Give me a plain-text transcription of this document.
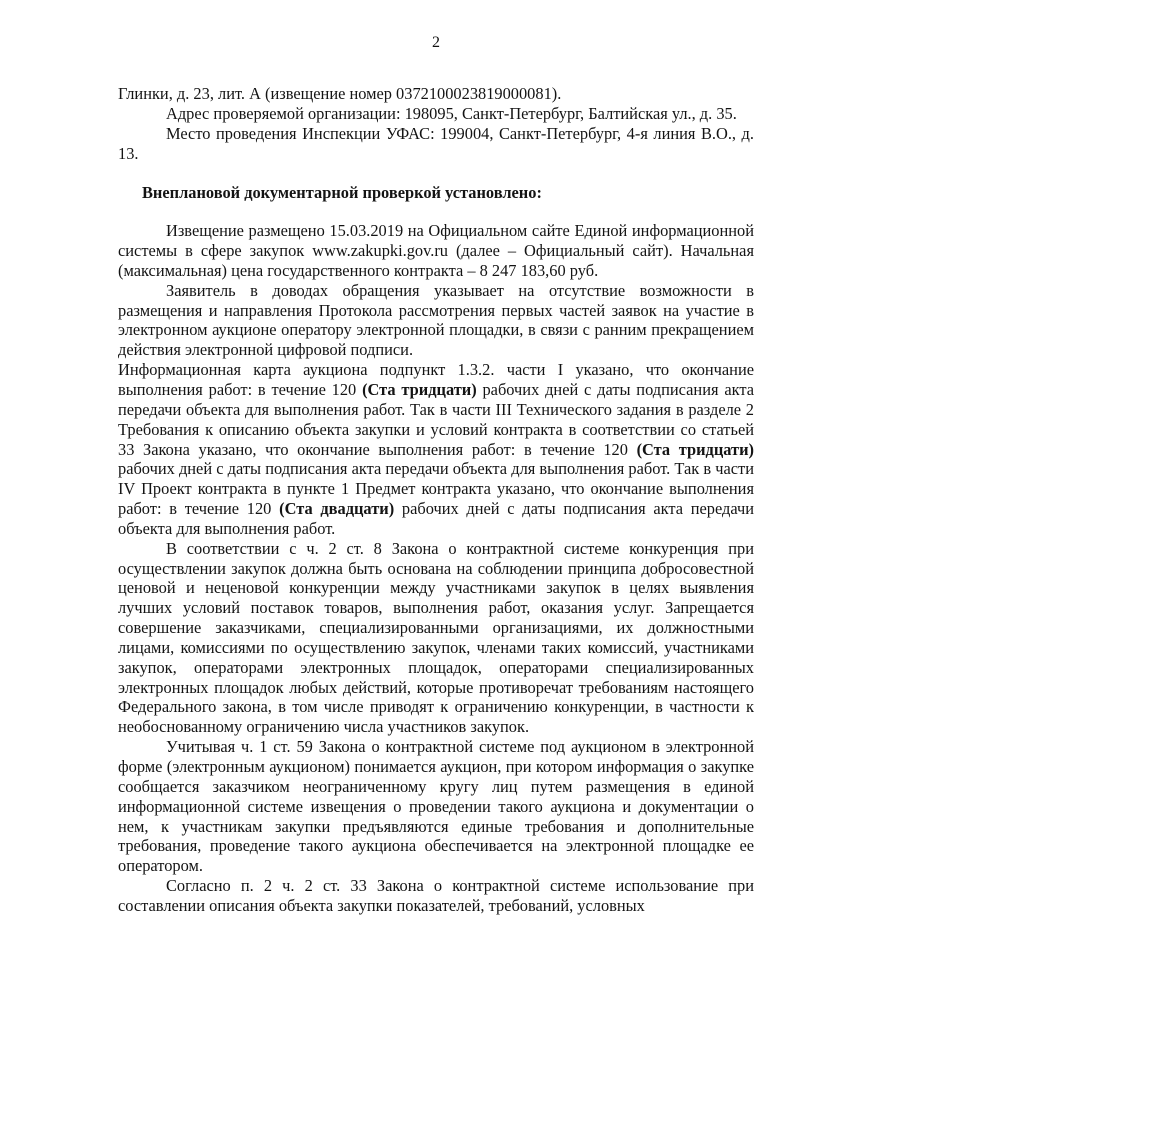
2

Глинки, д. 23, лит. А (извещение номер 0372100023819000081).

Адрес проверяемой организации: 198095, Санкт-Петербург, Балтийская ул., д. 35.

Место проведения Инспекции УФАС: 199004, Санкт-Петербург, 4-я линия В.О., д. 13.

Внеплановой документарной проверкой установлено:

Извещение размещено 15.03.2019 на Официальном сайте Единой информационной системы в сфере закупок www.zakupki.gov.ru (далее – Официальный сайт). Начальная (максимальная) цена государственного контракта – 8 247 183,60 руб.

Заявитель в доводах обращения указывает на отсутствие возможности в размещения и направления Протокола рассмотрения первых частей заявок на участие в электронном аукционе оператору электронной площадки, в связи с ранним прекращением действия электронной цифровой подписи.

Информационная карта аукциона подпункт 1.3.2. части I указано, что окончание выполнения работ: в течение 120 (Ста тридцати) рабочих дней с даты подписания акта передачи объекта для выполнения работ. Так в части III Технического задания в разделе 2 Требования к описанию объекта закупки и условий контракта в соответствии со статьей 33 Закона указано, что окончание выполнения работ: в течение 120 (Ста тридцати) рабочих дней с даты подписания акта передачи объекта для выполнения работ. Так в части IV Проект контракта в пункте 1 Предмет контракта указано, что окончание выполнения работ: в течение 120 (Ста двадцати) рабочих дней с даты подписания акта передачи объекта для выполнения работ.

В соответствии с ч. 2 ст. 8 Закона о контрактной системе конкуренция при осуществлении закупок должна быть основана на соблюдении принципа добросовестной ценовой и неценовой конкуренции между участниками закупок в целях выявления лучших условий поставок товаров, выполнения работ, оказания услуг. Запрещается совершение заказчиками, специализированными организациями, их должностными лицами, комиссиями по осуществлению закупок, членами таких комиссий, участниками закупок, операторами электронных площадок, операторами специализированных электронных площадок любых действий, которые противоречат требованиям настоящего Федерального закона, в том числе приводят к ограничению конкуренции, в частности к необоснованному ограничению числа участников закупок.

Учитывая ч. 1 ст. 59 Закона о контрактной системе под аукционом в электронной форме (электронным аукционом) понимается аукцион, при котором информация о закупке сообщается заказчиком неограниченному кругу лиц путем размещения в единой информационной системе извещения о проведении такого аукциона и документации о нем, к участникам закупки предъявляются единые требования и дополнительные требования, проведение такого аукциона обеспечивается на электронной площадке ее оператором.

Согласно п. 2 ч. 2 ст. 33 Закона о контрактной системе использование при составлении описания объекта закупки показателей, требований, условных
